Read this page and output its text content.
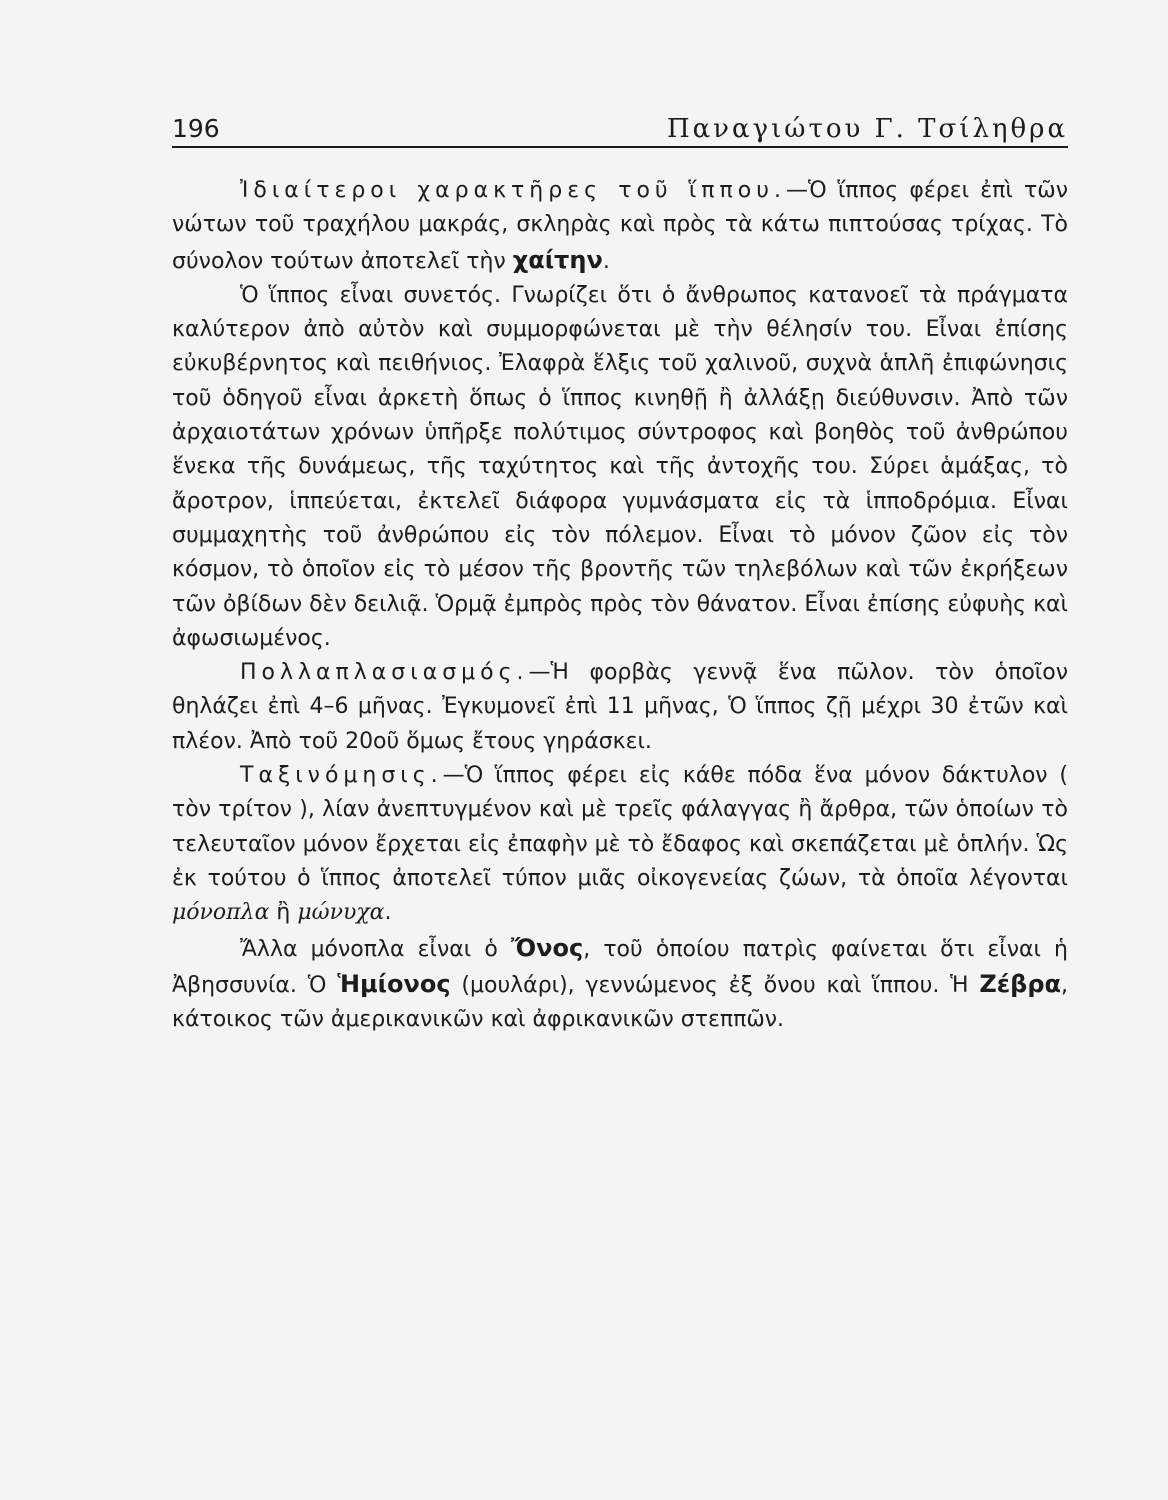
196	Παναγιώτου Γ. Τσίληθρα

Ἰδιαίτεροι χαρακτῆρες τοῦ ἵππου.—Ὁ ἵππος φέρει ἐπὶ τῶν νώτων τοῦ τραχήλου μακράς, σκληρὰς καὶ πρὸς τὰ κάτω πιπτούσας τρίχας. Τὸ σύνολον τούτων ἀποτελεῖ τὴν χαίτην.

Ὁ ἵππος εἶναι συνετός. Γνωρίζει ὅτι ὁ ἄνθρωπος κατανοεῖ τὰ πράγματα καλύτερον ἀπὸ αὐτὸν καὶ συμμορφώνεται μὲ τὴν θέλησίν του. Εἶναι ἐπίσης εὐκυβέρνητος καὶ πειθήνιος. Ἐλαφρὰ ἕλξις τοῦ χαλινοῦ, συχνὰ ἁπλῆ ἐπιφώνησις τοῦ ὁδηγοῦ εἶναι ἀρκετὴ ὅπως ὁ ἵππος κινηθῇ ἢ ἀλλάξῃ διεύθυνσιν. Ἀπὸ τῶν ἀρχαιοτάτων χρόνων ὑπῆρξε πολύτιμος σύντροφος καὶ βοηθὸς τοῦ ἀνθρώπου ἕνεκα τῆς δυνάμεως, τῆς ταχύτητος καὶ τῆς ἀντοχῆς του. Σύρει ἁμάξας, τὸ ἄροτρον, ἱππεύεται, ἐκτελεῖ διάφορα γυμνάσματα εἰς τὰ ἱπποδρόμια. Εἶναι συμμαχητὴς τοῦ ἀνθρώπου εἰς τὸν πόλεμον. Εἶναι τὸ μόνον ζῶον εἰς τὸν κόσμον, τὸ ὁποῖον εἰς τὸ μέσον τῆς βροντῆς τῶν τηλεβόλων καὶ τῶν ἐκρήξεων τῶν ὀβίδων δὲν δειλιᾷ. Ὁρμᾷ ἐμπρὸς πρὸς τὸν θάνατον. Εἶναι ἐπίσης εὐφυὴς καὶ ἀφωσιωμένος.

Πολλαπλασιασμός.—Ἡ φορβὰς γεννᾷ ἕνα πῶλον. τὸν ὁποῖον θηλάζει ἐπὶ 4–6 μῆνας. Ἐγκυμονεῖ ἐπὶ 11 μῆνας, Ὁ ἵππος ζῇ μέχρι 30 ἐτῶν καὶ πλέον. Ἀπὸ τοῦ 20οῦ ὅμως ἔτους γηράσκει.

Ταξινόμησις.—Ὁ ἵππος φέρει εἰς κάθε πόδα ἕνα μόνον δάκτυλον ( τὸν τρίτον ), λίαν ἀνεπτυγμένον καὶ μὲ τρεῖς φάλαγγας ἢ ἄρθρα, τῶν ὁποίων τὸ τελευταῖον μόνον ἔρχεται εἰς ἐπαφὴν μὲ τὸ ἔδαφος καὶ σκεπάζεται μὲ ὁπλήν. Ὡς ἐκ τούτου ὁ ἵππος ἀποτελεῖ τύπον μιᾶς οἰκογενείας ζώων, τὰ ὁποῖα λέγονται μόνοπλα ἢ μώνυχα.

Ἄλλα μόνοπλα εἶναι ὁ Ὄνος, τοῦ ὁποίου πατρὶς φαίνεται ὅτι εἶναι ἡ Ἀβησσυνία. Ὁ Ἡμίονος (μουλάρι), γεννώμενος ἐξ ὄνου καὶ ἵππου. Ἡ Ζέβρα, κάτοικος τῶν ἀμερικανικῶν καὶ ἀφρικανικῶν στεππῶν.
